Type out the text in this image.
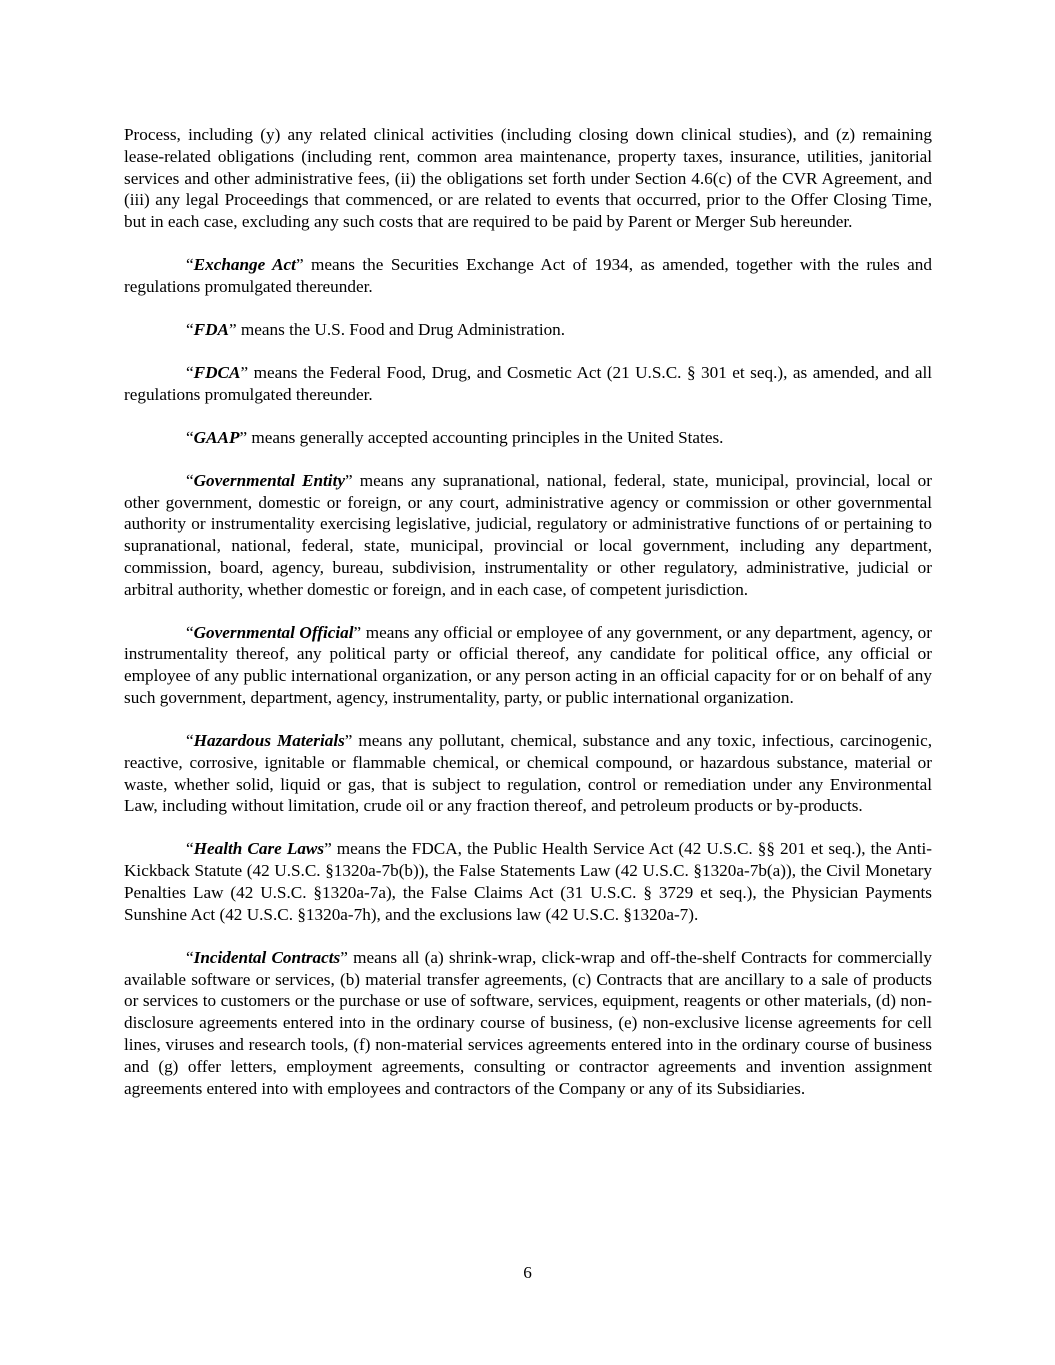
Process, including (y) any related clinical activities (including closing down clinical studies), and (z) remaining lease-related obligations (including rent, common area maintenance, property taxes, insurance, utilities, janitorial services and other administrative fees, (ii) the obligations set forth under Section 4.6(c) of the CVR Agreement, and (iii) any legal Proceedings that commenced, or are related to events that occurred, prior to the Offer Closing Time, but in each case, excluding any such costs that are required to be paid by Parent or Merger Sub hereunder.

“Exchange Act” means the Securities Exchange Act of 1934, as amended, together with the rules and regulations promulgated thereunder.

“FDA” means the U.S. Food and Drug Administration.

“FDCA” means the Federal Food, Drug, and Cosmetic Act (21 U.S.C. § 301 et seq.), as amended, and all regulations promulgated thereunder.

“GAAP” means generally accepted accounting principles in the United States.

“Governmental Entity” means any supranational, national, federal, state, municipal, provincial, local or other government, domestic or foreign, or any court, administrative agency or commission or other governmental authority or instrumentality exercising legislative, judicial, regulatory or administrative functions of or pertaining to supranational, national, federal, state, municipal, provincial or local government, including any department, commission, board, agency, bureau, subdivision, instrumentality or other regulatory, administrative, judicial or arbitral authority, whether domestic or foreign, and in each case, of competent jurisdiction.

“Governmental Official” means any official or employee of any government, or any department, agency, or instrumentality thereof, any political party or official thereof, any candidate for political office, any official or employee of any public international organization, or any person acting in an official capacity for or on behalf of any such government, department, agency, instrumentality, party, or public international organization.

“Hazardous Materials” means any pollutant, chemical, substance and any toxic, infectious, carcinogenic, reactive, corrosive, ignitable or flammable chemical, or chemical compound, or hazardous substance, material or waste, whether solid, liquid or gas, that is subject to regulation, control or remediation under any Environmental Law, including without limitation, crude oil or any fraction thereof, and petroleum products or by-products.

“Health Care Laws” means the FDCA, the Public Health Service Act (42 U.S.C. §§ 201 et seq.), the Anti-Kickback Statute (42 U.S.C. §1320a-7b(b)), the False Statements Law (42 U.S.C. §1320a-7b(a)), the Civil Monetary Penalties Law (42 U.S.C. §1320a-7a), the False Claims Act (31 U.S.C. § 3729 et seq.), the Physician Payments Sunshine Act (42 U.S.C. §1320a-7h), and the exclusions law (42 U.S.C. §1320a-7).

“Incidental Contracts” means all (a) shrink-wrap, click-wrap and off-the-shelf Contracts for commercially available software or services, (b) material transfer agreements, (c) Contracts that are ancillary to a sale of products or services to customers or the purchase or use of software, services, equipment, reagents or other materials, (d) non-disclosure agreements entered into in the ordinary course of business, (e) non-exclusive license agreements for cell lines, viruses and research tools, (f) non-material services agreements entered into in the ordinary course of business and (g) offer letters, employment agreements, consulting or contractor agreements and invention assignment agreements entered into with employees and contractors of the Company or any of its Subsidiaries.

6
